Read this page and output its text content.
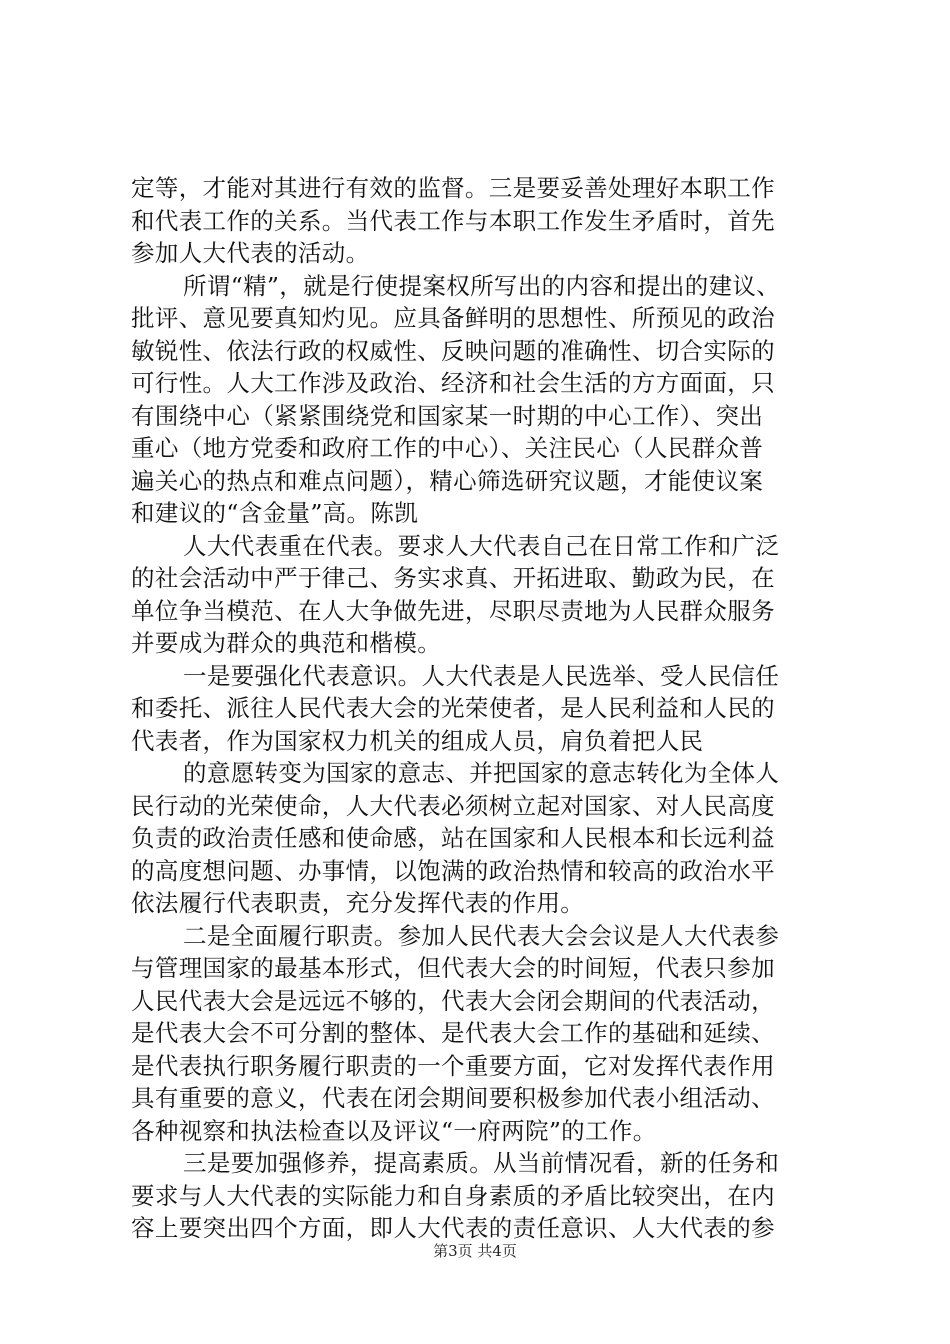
定等，才能对其进行有效的监督。三是要妥善处理好本职工作
和代表工作的关系。当代表工作与本职工作发生矛盾时，首先
参加人大代表的活动。
所谓“精”，就是行使提案权所写出的内容和提出的建议、
批评、意见要真知灼见。应具备鲜明的思想性、所预见的政治
敏锐性、依法行政的权威性、反映问题的准确性、切合实际的
可行性。人大工作涉及政治、经济和社会生活的方方面面，只
有围绕中心（紧紧围绕党和国家某一时期的中心工作）、突出
重心（地方党委和政府工作的中心）、关注民心（人民群众普
遍关心的热点和难点问题），精心筛选研究议题，才能使议案
和建议的“含金量”高。陈凯
人大代表重在代表。要求人大代表自己在日常工作和广泛
的社会活动中严于律己、务实求真、开拓进取、勤政为民，在
单位争当模范、在人大争做先进，尽职尽责地为人民群众服务
并要成为群众的典范和楷模。
一是要强化代表意识。人大代表是人民选举、受人民信任
和委托、派往人民代表大会的光荣使者，是人民利益和人民的
代表者，作为国家权力机关的组成人员，肩负着把人民
的意愿转变为国家的意志、并把国家的意志转化为全体人
民行动的光荣使命，人大代表必须树立起对国家、对人民高度
负责的政治责任感和使命感，站在国家和人民根本和长远利益
的高度想问题、办事情，以饱满的政治热情和较高的政治水平
依法履行代表职责，充分发挥代表的作用。
二是全面履行职责。参加人民代表大会会议是人大代表参
与管理国家的最基本形式，但代表大会的时间短，代表只参加
人民代表大会是远远不够的，代表大会闭会期间的代表活动，
是代表大会不可分割的整体、是代表大会工作的基础和延续、
是代表执行职务履行职责的一个重要方面，它对发挥代表作用
具有重要的意义，代表在闭会期间要积极参加代表小组活动、
各种视察和执法检查以及评议“一府两院”的工作。
三是要加强修养，提高素质。从当前情况看，新的任务和
要求与人大代表的实际能力和自身素质的矛盾比较突出，在内
容上要突出四个方面，即人大代表的责任意识、人大代表的参
第3页 共4页
